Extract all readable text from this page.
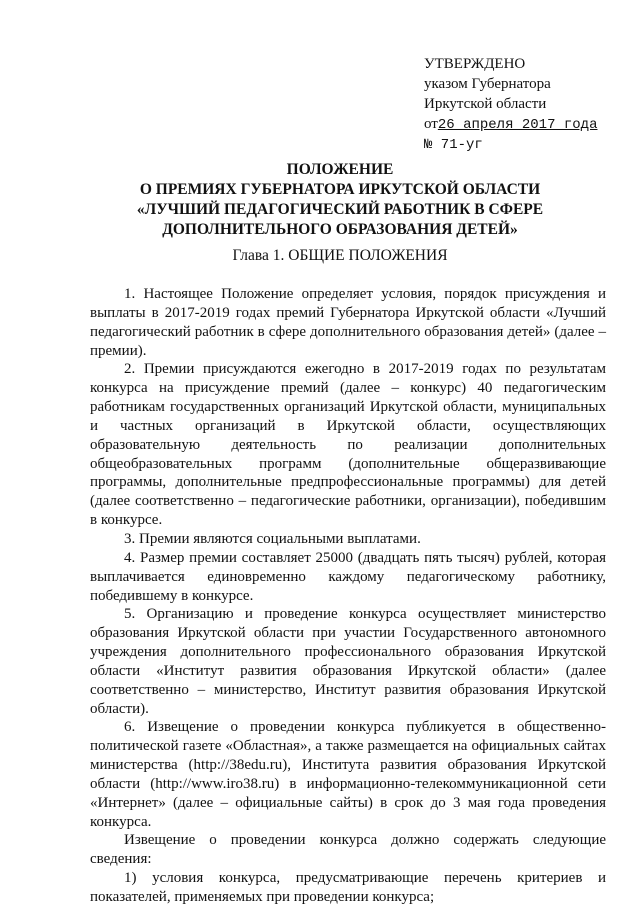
УТВЕРЖДЕНО
указом Губернатора
Иркутской области
от26 апреля 2017 года
№ 71-уг
ПОЛОЖЕНИЕ
О ПРЕМИЯХ ГУБЕРНАТОРА ИРКУТСКОЙ ОБЛАСТИ
«ЛУЧШИЙ ПЕДАГОГИЧЕСКИЙ РАБОТНИК В СФЕРЕ
ДОПОЛНИТЕЛЬНОГО ОБРАЗОВАНИЯ ДЕТЕЙ»
Глава 1. ОБЩИЕ ПОЛОЖЕНИЯ

1. Настоящее Положение определяет условия, порядок присуждения и выплаты в 2017-2019 годах премий Губернатора Иркутской области «Лучший педагогический работник в сфере дополнительного образования детей» (далее – премии).

2. Премии присуждаются ежегодно в 2017-2019 годах по результатам конкурса на присуждение премий (далее – конкурс) 40 педагогическим работникам государственных организаций Иркутской области, муниципальных и частных организаций в Иркутской области, осуществляющих образовательную деятельность по реализации дополнительных общеобразовательных программ (дополнительные общеразвивающие программы, дополнительные предпрофессиональные программы) для детей (далее соответственно – педагогические работники, организации), победившим в конкурсе.

3. Премии являются социальными выплатами.

4. Размер премии составляет 25000 (двадцать пять тысяч) рублей, которая выплачивается единовременно каждому педагогическому работнику, победившему в конкурсе.

5. Организацию и проведение конкурса осуществляет министерство образования Иркутской области при участии Государственного автономного учреждения дополнительного профессионального образования Иркутской области «Институт развития образования Иркутской области» (далее соответственно – министерство, Институт развития образования Иркутской области).

6. Извещение о проведении конкурса публикуется в общественно-политической газете «Областная», а также размещается на официальных сайтах министерства (http://38edu.ru), Института развития образования Иркутской области (http://www.iro38.ru) в информационно-телекоммуникационной сети «Интернет» (далее – официальные сайты) в срок до 3 мая года проведения конкурса.

Извещение о проведении конкурса должно содержать следующие сведения:

1) условия конкурса, предусматривающие перечень критериев и показателей, применяемых при проведении конкурса;
